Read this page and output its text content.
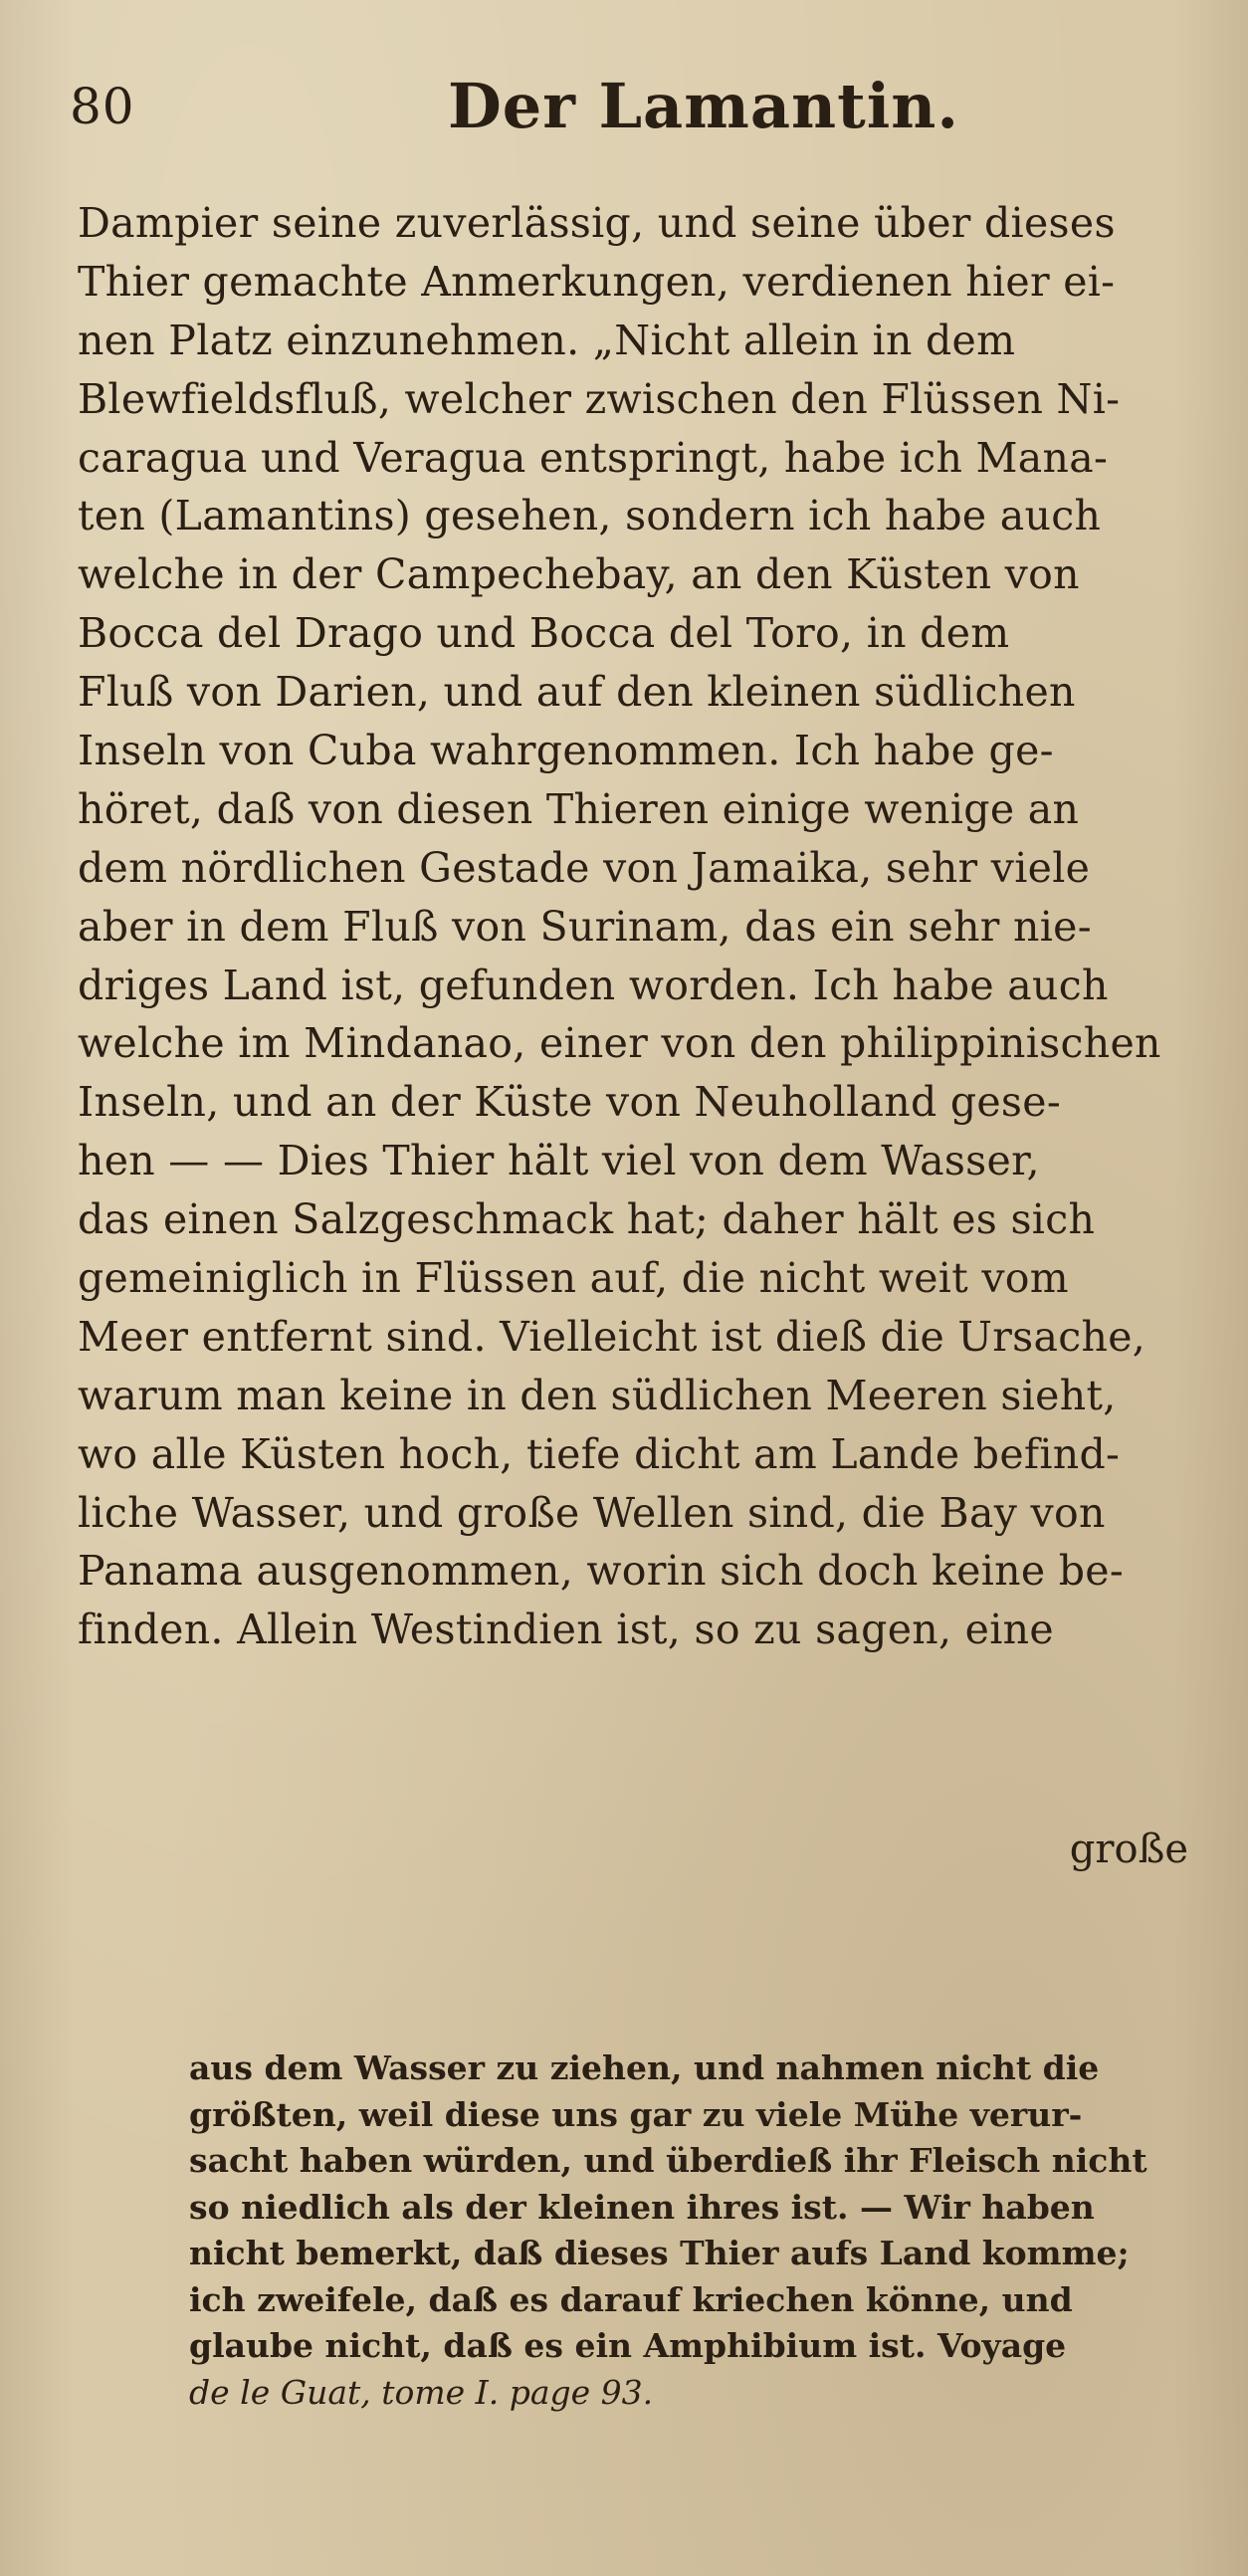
80	Der Lamantin.
Dampier seine zuverlässig, und seine über dieses
Thier gemachte Anmerkungen, verdienen hier ei-
nen Platz einzunehmen. „Nicht allein in dem
Blewfieldsfluß, welcher zwischen den Flüssen Ni-
caragua und Veragua entspringt, habe ich Mana-
ten (Lamantins) gesehen, sondern ich habe auch
welche in der Campechebay, an den Küsten von
Bocca del Drago und Bocca del Toro, in dem
Fluß von Darien, und auf den kleinen südlichen
Inseln von Cuba wahrgenommen. Ich habe ge-
höret, daß von diesen Thieren einige wenige an
dem nördlichen Gestade von Jamaika, sehr viele
aber in dem Fluß von Surinam, das ein sehr nie-
driges Land ist, gefunden worden. Ich habe auch
welche im Mindanao, einer von den philippinischen
Inseln, und an der Küste von Neuholland gese-
hen — — Dies Thier hält viel von dem Wasser,
das einen Salzgeschmack hat; daher hält es sich
gemeiniglich in Flüssen auf, die nicht weit vom
Meer entfernt sind. Vielleicht ist dieß die Ursache,
warum man keine in den südlichen Meeren sieht,
wo alle Küsten hoch, tiefe dicht am Lande befind-
liche Wasser, und große Wellen sind, die Bay von
Panama ausgenommen, worin sich doch keine be-
finden. Allein Westindien ist, so zu sagen, eine
große
aus dem Wasser zu ziehen, und nahmen nicht die
größten, weil diese uns gar zu viele Mühe verur-
sacht haben würden, und überdieß ihr Fleisch nicht
so niedlich als der kleinen ihres ist. — Wir haben
nicht bemerkt, daß dieses Thier aufs Land komme;
ich zweifele, daß es darauf kriechen könne, und
glaube nicht, daß es ein Amphibium ist. Voyage
de le Guat, tome I. page 93.
